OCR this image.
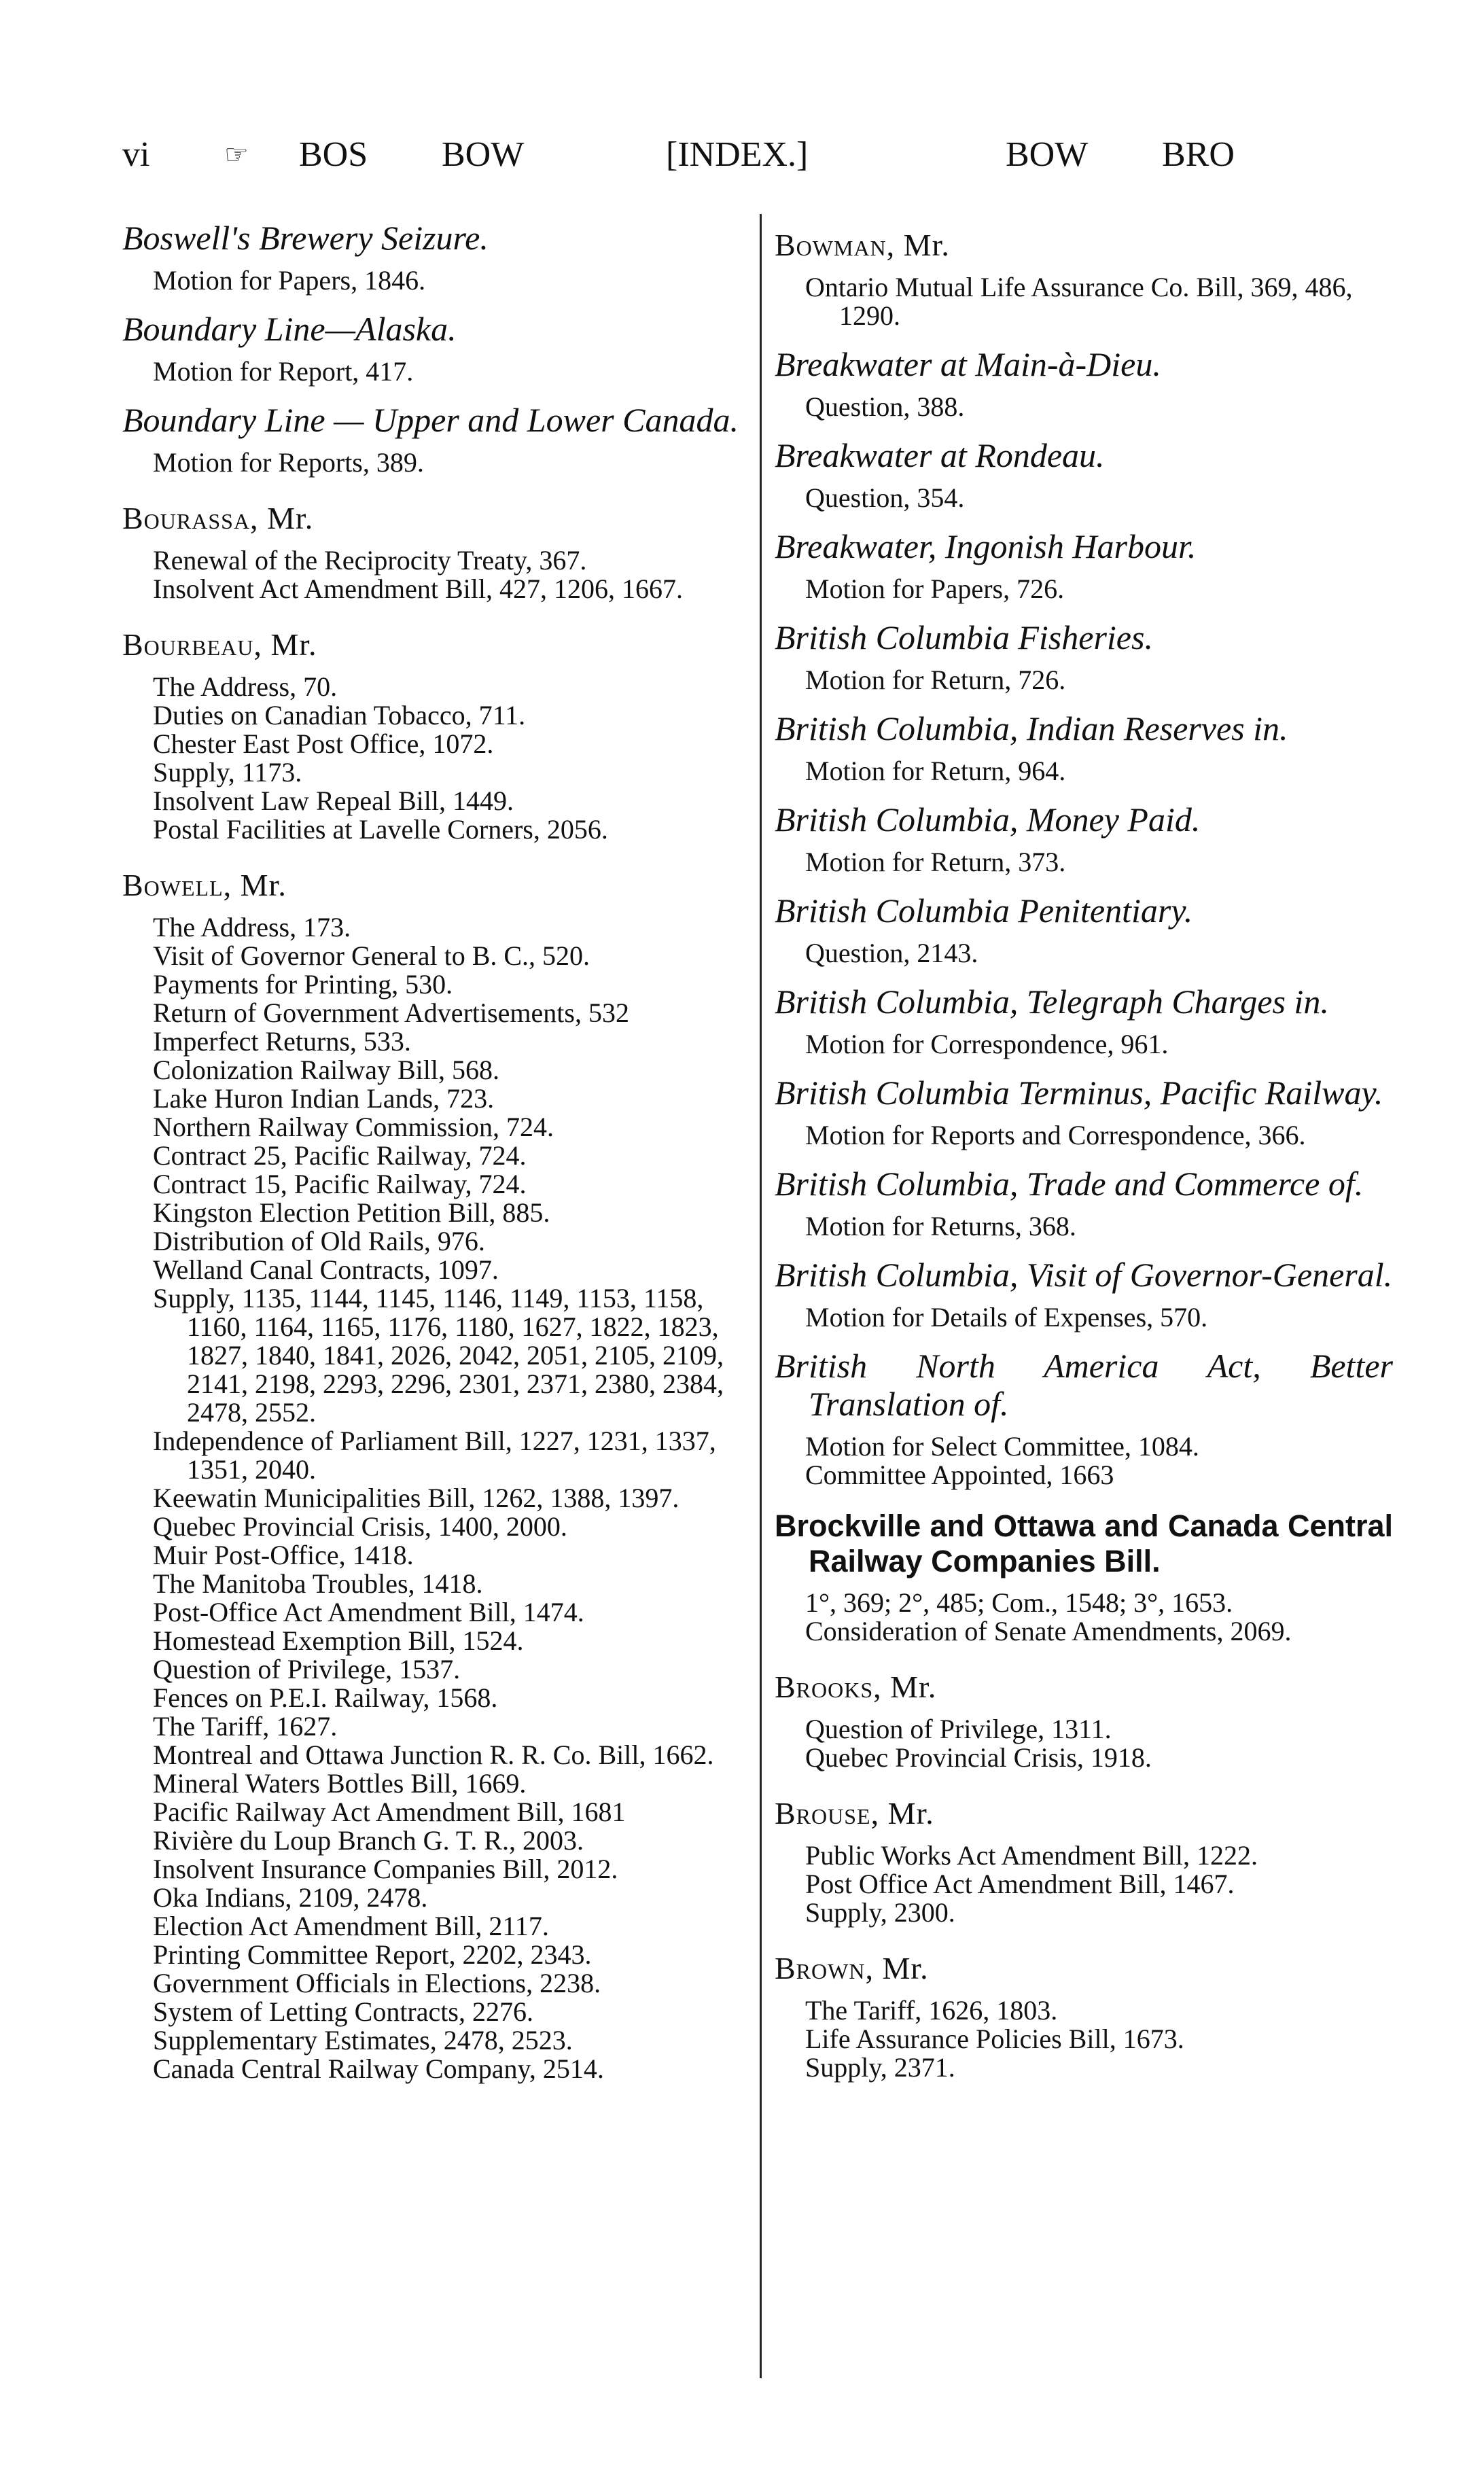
vi	☞ BOS BOW	[INDEX.]	BOW BRO
Boswell's Brewery Seizure.
Motion for Papers, 1846.
Boundary Line—Alaska.
Motion for Report, 417.
Boundary Line — Upper and Lower Canada.
Motion for Reports, 389.
Bourassa, Mr.
Renewal of the Reciprocity Treaty, 367.
Insolvent Act Amendment Bill, 427, 1206, 1667.
Bourbeau, Mr.
The Address, 70.
Duties on Canadian Tobacco, 711.
Chester East Post Office, 1072.
Supply, 1173.
Insolvent Law Repeal Bill, 1449.
Postal Facilities at Lavelle Corners, 2056.
Bowell, Mr.
The Address, 173.
Visit of Governor General to B. C., 520.
Payments for Printing, 530.
Return of Government Advertisements, 532
Imperfect Returns, 533.
Colonization Railway Bill, 568.
Lake Huron Indian Lands, 723.
Northern Railway Commission, 724.
Contract 25, Pacific Railway, 724.
Contract 15, Pacific Railway, 724.
Kingston Election Petition Bill, 885.
Distribution of Old Rails, 976.
Welland Canal Contracts, 1097.
Supply, 1135, 1144, 1145, 1146, 1149, 1153, 1158, 1160, 1164, 1165, 1176, 1180, 1627, 1822, 1823, 1827, 1840, 1841, 2026, 2042, 2051, 2105, 2109, 2141, 2198, 2293, 2296, 2301, 2371, 2380, 2384, 2478, 2552.
Independence of Parliament Bill, 1227, 1231, 1337, 1351, 2040.
Keewatin Municipalities Bill, 1262, 1388, 1397.
Quebec Provincial Crisis, 1400, 2000.
Muir Post-Office, 1418.
The Manitoba Troubles, 1418.
Post-Office Act Amendment Bill, 1474.
Homestead Exemption Bill, 1524.
Question of Privilege, 1537.
Fences on P.E.I. Railway, 1568.
The Tariff, 1627.
Montreal and Ottawa Junction R. R. Co. Bill, 1662.
Mineral Waters Bottles Bill, 1669.
Pacific Railway Act Amendment Bill, 1681
Rivière du Loup Branch G. T. R., 2003.
Insolvent Insurance Companies Bill, 2012.
Oka Indians, 2109, 2478.
Election Act Amendment Bill, 2117.
Printing Committee Report, 2202, 2343.
Government Officials in Elections, 2238.
System of Letting Contracts, 2276.
Supplementary Estimates, 2478, 2523.
Canada Central Railway Company, 2514.
Bowman, Mr.
Ontario Mutual Life Assurance Co. Bill, 369, 486, 1290.
Breakwater at Main-à-Dieu.
Question, 388.
Breakwater at Rondeau.
Question, 354.
Breakwater, Ingonish Harbour.
Motion for Papers, 726.
British Columbia Fisheries.
Motion for Return, 726.
British Columbia, Indian Reserves in.
Motion for Return, 964.
British Columbia, Money Paid.
Motion for Return, 373.
British Columbia Penitentiary.
Question, 2143.
British Columbia, Telegraph Charges in.
Motion for Correspondence, 961.
British Columbia Terminus, Pacific Railway.
Motion for Reports and Correspondence, 366.
British Columbia, Trade and Commerce of.
Motion for Returns, 368.
British Columbia, Visit of Governor-General.
Motion for Details of Expenses, 570.
British North America Act, Better Translation of.
Motion for Select Committee, 1084.
Committee Appointed, 1663
Brockville and Ottawa and Canada Central Railway Companies Bill.
1°, 369; 2°, 485; Com., 1548; 3°, 1653.
Consideration of Senate Amendments, 2069.
Brooks, Mr.
Question of Privilege, 1311.
Quebec Provincial Crisis, 1918.
Brouse, Mr.
Public Works Act Amendment Bill, 1222.
Post Office Act Amendment Bill, 1467.
Supply, 2300.
Brown, Mr.
The Tariff, 1626, 1803.
Life Assurance Policies Bill, 1673.
Supply, 2371.
